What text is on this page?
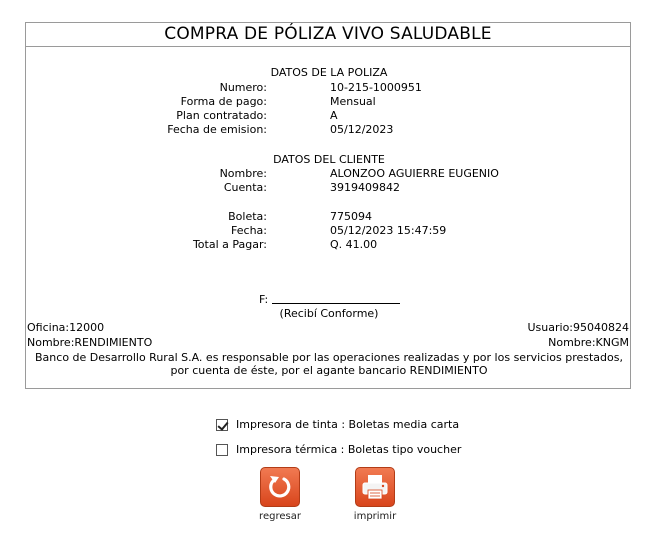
COMPRA DE PÓLIZA VIVO SALUDABLE
DATOS DE LA POLIZA
Numero:	10-215-1000951
Forma de pago:	Mensual
Plan contratado:	A
Fecha de emision:	05/12/2023
DATOS DEL CLIENTE
Nombre:	ALONZOO AGUIERRE EUGENIO
Cuenta:	3919409842
Boleta:	775094
Fecha:	05/12/2023 15:47:59
Total a Pagar:	Q. 41.00
F:
(Recibí Conforme)
Oficina:12000	Usuario:95040824
Nombre:RENDIMIENTO	Nombre:KNGM
Banco de Desarrollo Rural S.A. es responsable por las operaciones realizadas y por los servicios prestados, por cuenta de éste, por el agante bancario RENDIMIENTO
Impresora de tinta : Boletas media carta
Impresora térmica : Boletas tipo voucher
regresar	imprimir
